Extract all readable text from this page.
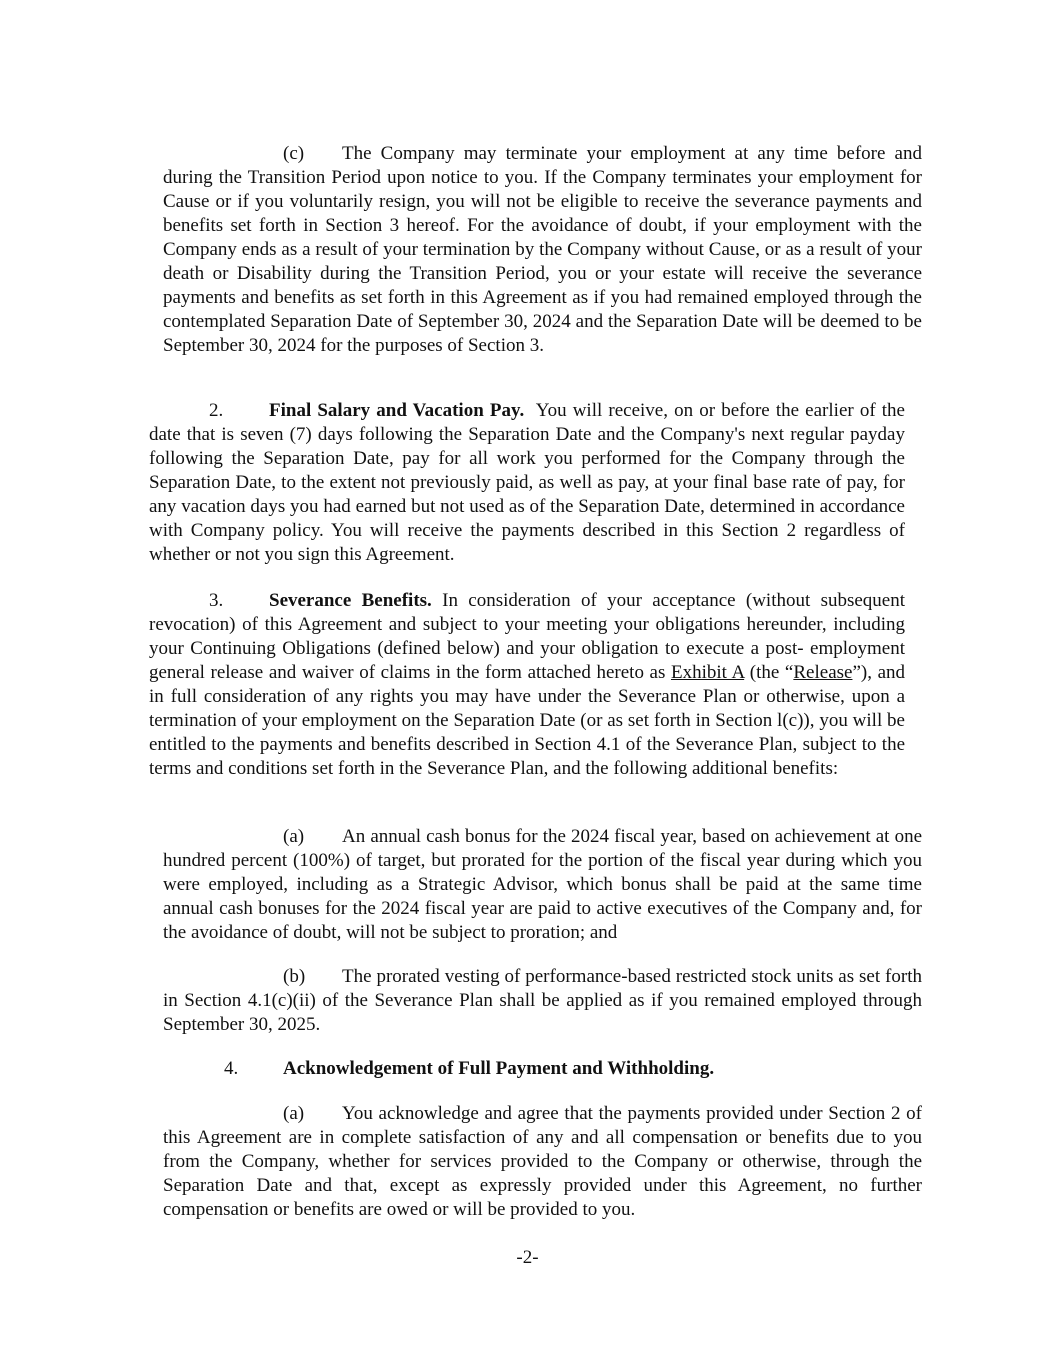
(c) The Company may terminate your employment at any time before and during the Transition Period upon notice to you. If the Company terminates your employment for Cause or if you voluntarily resign, you will not be eligible to receive the severance payments and benefits set forth in Section 3 hereof. For the avoidance of doubt, if your employment with the Company ends as a result of your termination by the Company without Cause, or as a result of your death or Disability during the Transition Period, you or your estate will receive the severance payments and benefits as set forth in this Agreement as if you had remained employed through the contemplated Separation Date of September 30, 2024 and the Separation Date will be deemed to be September 30, 2024 for the purposes of Section 3.
2. Final Salary and Vacation Pay. You will receive, on or before the earlier of the date that is seven (7) days following the Separation Date and the Company's next regular payday following the Separation Date, pay for all work you performed for the Company through the Separation Date, to the extent not previously paid, as well as pay, at your final base rate of pay, for any vacation days you had earned but not used as of the Separation Date, determined in accordance with Company policy. You will receive the payments described in this Section 2 regardless of whether or not you sign this Agreement.
3. Severance Benefits. In consideration of your acceptance (without subsequent revocation) of this Agreement and subject to your meeting your obligations hereunder, including your Continuing Obligations (defined below) and your obligation to execute a post- employment general release and waiver of claims in the form attached hereto as Exhibit A (the “Release”), and in full consideration of any rights you may have under the Severance Plan or otherwise, upon a termination of your employment on the Separation Date (or as set forth in Section l(c)), you will be entitled to the payments and benefits described in Section 4.1 of the Severance Plan, subject to the terms and conditions set forth in the Severance Plan, and the following additional benefits:
(a) An annual cash bonus for the 2024 fiscal year, based on achievement at one hundred percent (100%) of target, but prorated for the portion of the fiscal year during which you were employed, including as a Strategic Advisor, which bonus shall be paid at the same time annual cash bonuses for the 2024 fiscal year are paid to active executives of the Company and, for the avoidance of doubt, will not be subject to proration; and
(b) The prorated vesting of performance-based restricted stock units as set forth in Section 4.1(c)(ii) of the Severance Plan shall be applied as if you remained employed through September 30, 2025.
4. Acknowledgement of Full Payment and Withholding.
(a) You acknowledge and agree that the payments provided under Section 2 of this Agreement are in complete satisfaction of any and all compensation or benefits due to you from the Company, whether for services provided to the Company or otherwise, through the Separation Date and that, except as expressly provided under this Agreement, no further compensation or benefits are owed or will be provided to you.
-2-
